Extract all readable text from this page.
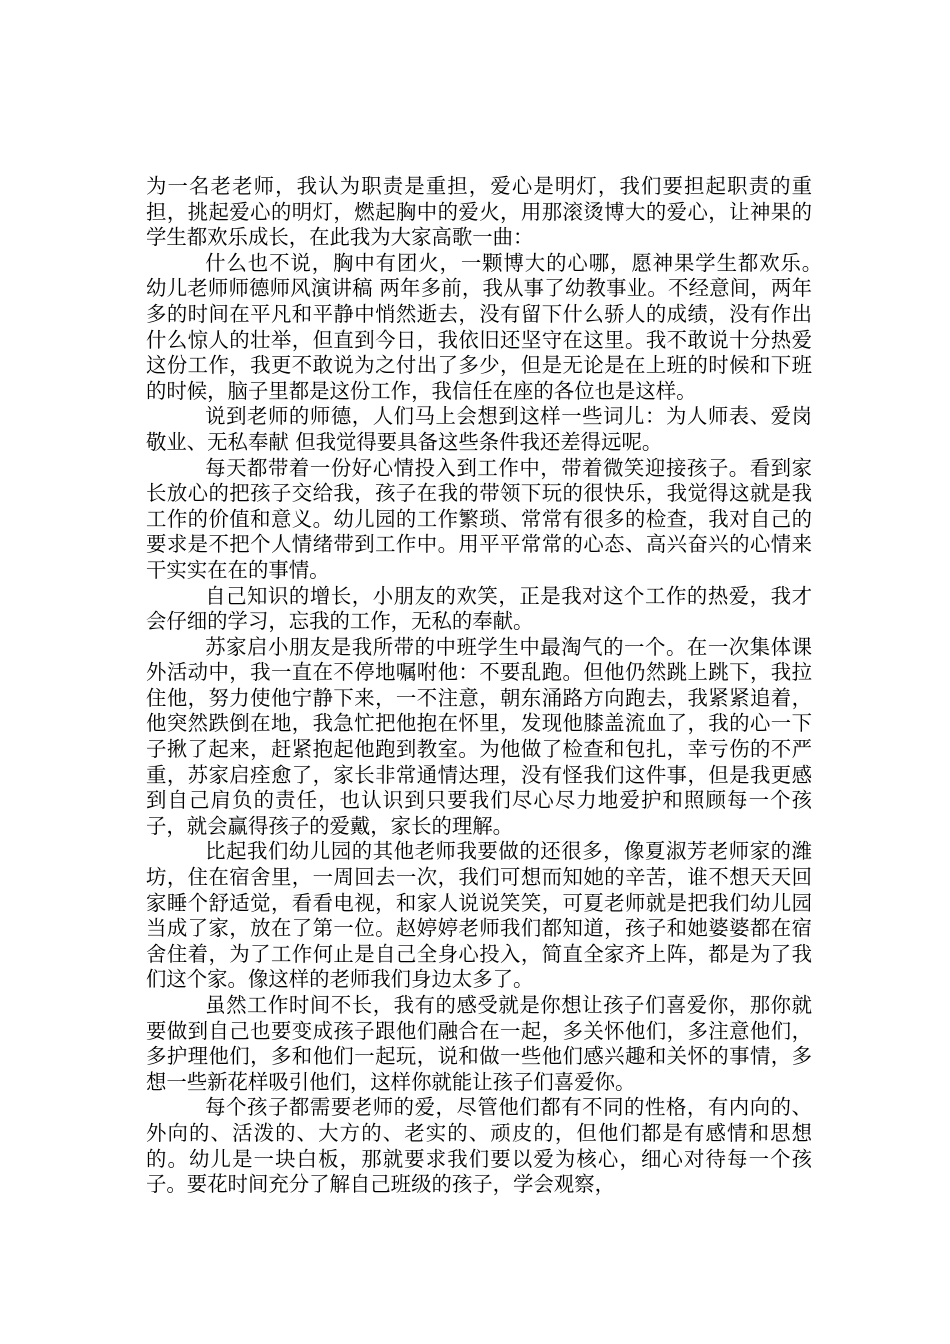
为一名老老师，我认为职责是重担，爱心是明灯，我们要担起职责的重担，挑起爱心的明灯，燃起胸中的爱火，用那滚烫博大的爱心，让神果的学生都欢乐成长，在此我为大家高歌一曲：

什么也不说，胸中有团火，一颗博大的心哪，愿神果学生都欢乐。　幼儿老师师德师风演讲稿 两年多前，我从事了幼教事业。不经意间，两年多的时间在平凡和平静中悄然逝去，没有留下什么骄人的成绩，没有作出什么惊人的壮举，但直到今日，我依旧还坚守在这里。我不敢说十分热爱这份工作，我更不敢说为之付出了多少，但是无论是在上班的时候和下班的时候，脑子里都是这份工作，我信任在座的各位也是这样。

说到老师的师德，人们马上会想到这样一些词儿：为人师表、爱岗敬业、无私奉献 但我觉得要具备这些条件我还差得远呢。

每天都带着一份好心情投入到工作中，带着微笑迎接孩子。看到家长放心的把孩子交给我，孩子在我的带领下玩的很快乐，我觉得这就是我工作的价值和意义。幼儿园的工作繁琐、常常有很多的检查，我对自己的要求是不把个人情绪带到工作中。用平平常常的心态、高兴奋兴的心情来干实实在在的事情。

自己知识的增长，小朋友的欢笑，正是我对这个工作的热爱，我才会仔细的学习，忘我的工作，无私的奉献。

苏家启小朋友是我所带的中班学生中最淘气的一个。在一次集体课外活动中，我一直在不停地嘱咐他：不要乱跑。但他仍然跳上跳下，我拉住他，努力使他宁静下来，一不注意，朝东涌路方向跑去，我紧紧追着，他突然跌倒在地，我急忙把他抱在怀里，发现他膝盖流血了，我的心一下子揪了起来，赶紧抱起他跑到教室。为他做了检查和包扎，幸亏伤的不严重，苏家启痊愈了，家长非常通情达理，没有怪我们这件事，但是我更感到自己肩负的责任，也认识到只要我们尽心尽力地爱护和照顾每一个孩子，就会赢得孩子的爱戴，家长的理解。

比起我们幼儿园的其他老师我要做的还很多，像夏淑芳老师家的潍坊，住在宿舍里，一周回去一次，我们可想而知她的辛苦，谁不想天天回家睡个舒适觉，看看电视，和家人说说笑笑，可夏老师就是把我们幼儿园当成了家，放在了第一位。赵婷婷老师我们都知道，孩子和她婆婆都在宿舍住着，为了工作何止是自己全身心投入，简直全家齐上阵，都是为了我们这个家。像这样的老师我们身边太多了。

虽然工作时间不长，我有的感受就是你想让孩子们喜爱你，那你就要做到自己也要变成孩子跟他们融合在一起，多关怀他们，多注意他们，多护理他们，多和他们一起玩，说和做一些他们感兴趣和关怀的事情，多想一些新花样吸引他们，这样你就能让孩子们喜爱你。

每个孩子都需要老师的爱，尽管他们都有不同的性格，有内向的、外向的、活泼的、大方的、老实的、顽皮的，但他们都是有感情和思想的。幼儿是一块白板，那就要求我们要以爱为核心，细心对待每一个孩子。要花时间充分了解自己班级的孩子，学会观察，
